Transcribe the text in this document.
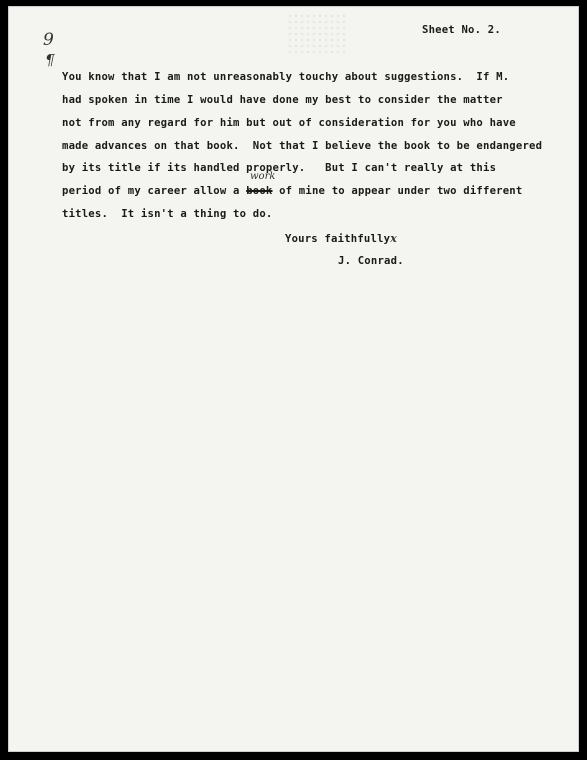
Sheet No. 2.
9
¶
You know that I am not unreasonably touchy about suggestions.  If M.
had spoken in time I would have done my best to consider the matter
not from any regard for him but out of consideration for you who have
made advances on that book.  Not that I believe the book to be endangered
by its title if its handled properly.   But I can't really at this
work
period of my career allow a book of mine to appear under two different
titles.  It isn't a thing to do.
Yours faithfullyx
J. Conrad.
